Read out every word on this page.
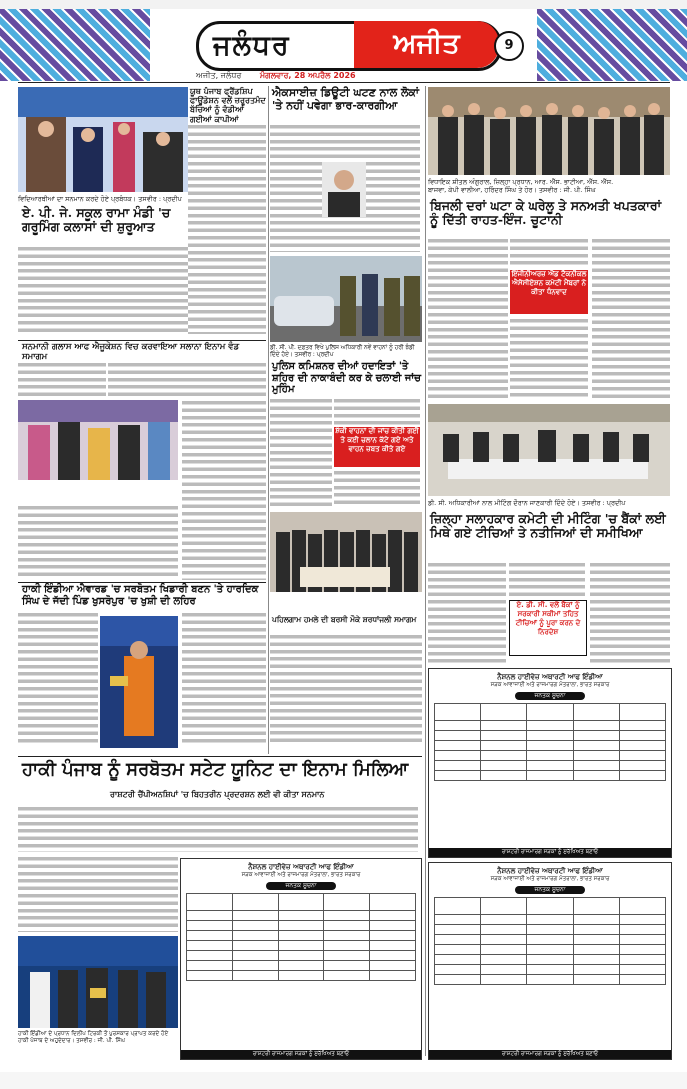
ਜਲੰਧਰ	ਅਜੀਤ	9
ਅਜੀਤ, ਜਲੰਧਰ ਮੰਗਲਵਾਰ, 28 ਅਪਰੈਲ 2026
ਵਿਦਿਆਰਥੀਆਂ ਦਾ ਸਨਮਾਨ ਕਰਦੇ ਹੋਏ ਪ੍ਰਬੰਧਕ। ਤਸਵੀਰ : ਪ੍ਰਦੀਪ
ਏ. ਪੀ. ਜੇ. ਸਕੂਲ ਰਾਮਾ ਮੰਡੀ 'ਚ ਗਰੂਮਿੰਗ ਕਲਾਸਾਂ ਦੀ ਸ਼ੁਰੂਆਤ
ਯੂਥ ਪੰਜਾਬ ਫ੍ਰੈਂਡਸ਼ਿਪ ਫਾਊਂਡੇਸ਼ਨ ਵਲੋਂ ਜ਼ਰੂਰਤਮੰਦ ਬੱਚਿਆਂ ਨੂੰ ਵੰਡੀਆਂ ਗਈਆਂ ਕਾਪੀਆਂ
ਐਕਸਾਈਜ਼ ਡਿਊਟੀ ਘਟਣ ਨਾਲ ਲੋਕਾਂ 'ਤੇ ਨਹੀਂ ਪਵੇਗਾ ਭਾਰ-ਕਾਰਗੀਆ
ਵਿਧਾਇਕ ਸ਼ੀਤਲ ਅੰਗੁਰਾਲ, ਜ਼ਿਲ੍ਹਾ ਪ੍ਰਧਾਨ, ਆਰ. ਐੱਸ. ਭਾਟੀਆ, ਐੱਸ. ਐੱਸ.
ਬਾਜਵਾ, ਕੇਪੀ ਵਾਲੀਆ, ਹਰਿੰਦਰ ਸਿੰਘ ਤੇ ਹੋਰ। ਤਸਵੀਰ : ਜੀ. ਪੀ. ਸਿੰਘ
ਬਿਜਲੀ ਦਰਾਂ ਘਟਾ ਕੇ ਘਰੇਲੂ ਤੇ ਸਨਅਤੀ ਖਪਤਕਾਰਾਂ ਨੂੰ ਦਿੱਤੀ ਰਾਹਤ-ਇੰਜ. ਚੂਟਾਨੀ
ਇੰਜੀਨੀਅਰਜ਼ ਐਂਡ ਟੈਕਨੀਕਲ ਐਸੋਸੀਏਸ਼ਨ ਕਮੇਟੀ ਮੈਂਬਰਾਂ ਨੇ ਕੀਤਾ ਧੰਨਵਾਦ
ਸਨਮਾਨੀ ਗਲਾਸ ਆਫ ਐਜੂਕੇਸ਼ਨ ਵਿਚ ਕਰਵਾਇਆ ਸਲਾਨਾ ਇਨਾਮ ਵੰਡ ਸਮਾਗਮ
ਡੀ. ਸੀ. ਪੀ. ਦਫ਼ਤਰ ਵਿਖੇ ਪੁਲਿਸ ਅਧਿਕਾਰੀ ਨਵੇਂ ਵਾਹਨਾਂ ਨੂੰ ਹਰੀ ਝੰਡੀ ਦਿੰਦੇ ਹੋਏ। ਤਸਵੀਰ : ਪ੍ਰਦੀਪ
ਪੁਲਿਸ ਕਮਿਸ਼ਨਰ ਦੀਆਂ ਹਦਾਇਤਾਂ 'ਤੇ ਸ਼ਹਿਰ ਦੀ ਨਾਕਾਬੰਦੀ ਕਰ ਕੇ ਚਲਾਈ ਜਾਂਚ ਮੁਹਿੰਮ
ਸ਼ੱਕੀ ਵਾਹਨਾਂ ਦੀ ਜਾਂਚ ਕੀਤੀ ਗਈ ਤੇ ਕਈ ਚਲਾਨ ਕੱਟੇ ਗਏ ਅਤੇ ਵਾਹਨ ਜ਼ਬਤ ਕੀਤੇ ਗਏ
ਡੀ. ਸੀ. ਅਧਿਕਾਰੀਆਂ ਨਾਲ ਮੀਟਿੰਗ ਦੌਰਾਨ ਜਾਣਕਾਰੀ ਦਿੰਦੇ ਹੋਏ। ਤਸਵੀਰ : ਪ੍ਰਦੀਪ
ਜ਼ਿਲ੍ਹਾ ਸਲਾਹਕਾਰ ਕਮੇਟੀ ਦੀ ਮੀਟਿੰਗ 'ਚ ਬੈਂਕਾਂ ਲਈ ਮਿਥੇ ਗਏ ਟੀਚਿਆਂ ਤੇ ਨਤੀਜਿਆਂ ਦੀ ਸਮੀਖਿਆ
ਏ. ਡੀ. ਸੀ. ਵਲੋਂ ਬੈਂਕਾਂ ਨੂੰ ਸਰਕਾਰੀ ਸਕੀਮਾਂ ਤਹਿਤ ਟੀਚਿਆਂ ਨੂੰ ਪੂਰਾ ਕਰਨ ਦੇ ਨਿਰਦੇਸ਼
ਹਾਕੀ ਇੰਡੀਆ ਐਵਾਰਡ 'ਚ ਸਰਬੋਤਮ ਖਿਡਾਰੀ ਬਣਨ 'ਤੇ ਹਾਰਦਿਕ ਸਿੰਘ ਦੇ ਜੱਦੀ ਪਿੰਡ ਖੁਸਰੋਪੁਰ 'ਚ ਖੁਸ਼ੀ ਦੀ ਲਹਿਰ
ਪਹਿਲਗਾਮ ਹਮਲੇ ਦੀ ਬਰਸੀ ਮੌਕੇ ਸ਼ਰਧਾਂਜਲੀ ਸਮਾਗਮ
ਨੈਸ਼ਨਲ ਹਾਈਵੇਜ਼ ਅਥਾਰਟੀ ਆਫ ਇੰਡੀਆ
ਸੜਕ ਆਵਾਜਾਈ ਅਤੇ ਰਾਜਮਾਰਗ ਮੰਤਰਾਲਾ, ਭਾਰਤ ਸਰਕਾਰ
ਜਨਤਕ ਸੂਚਨਾ

ਰਾਸ਼ਟਰੀ ਰਾਜਮਾਰਗ ਸੜਕਾਂ ਨੂੰ ਸੁਰੱਖਿਅਤ ਬਣਾਓ
ਹਾਕੀ ਪੰਜਾਬ ਨੂੰ ਸਰਬੋਤਮ ਸਟੇਟ ਯੂਨਿਟ ਦਾ ਇਨਾਮ ਮਿਲਿਆ
ਰਾਸ਼ਟਰੀ ਚੈਂਪੀਅਨਸ਼ਿਪਾਂ 'ਚ ਬਿਹਤਰੀਨ ਪ੍ਰਦਰਸ਼ਨ ਲਈ ਵੀ ਕੀਤਾ ਸਨਮਾਨ
ਹਾਕੀ ਇੰਡੀਆ ਦੇ ਪ੍ਰਧਾਨ ਦਿਲੀਪ ਟਿਰਕੀ ਤੋਂ ਪੁਰਸਕਾਰ ਪ੍ਰਾਪਤ ਕਰਦੇ ਹੋਏ ਹਾਕੀ ਪੰਜਾਬ ਦੇ ਅਹੁਦੇਦਾਰ। ਤਸਵੀਰ : ਜੀ. ਪੀ. ਸਿੰਘ
ਨੈਸ਼ਨਲ ਹਾਈਵੇਜ਼ ਅਥਾਰਟੀ ਆਫ ਇੰਡੀਆ
ਸੜਕ ਆਵਾਜਾਈ ਅਤੇ ਰਾਜਮਾਰਗ ਮੰਤਰਾਲਾ, ਭਾਰਤ ਸਰਕਾਰ
ਜਨਤਕ ਸੂਚਨਾ

ਰਾਸ਼ਟਰੀ ਰਾਜਮਾਰਗ ਸੜਕਾਂ ਨੂੰ ਸੁਰੱਖਿਅਤ ਬਣਾਓ
ਨੈਸ਼ਨਲ ਹਾਈਵੇਜ਼ ਅਥਾਰਟੀ ਆਫ ਇੰਡੀਆ
ਸੜਕ ਆਵਾਜਾਈ ਅਤੇ ਰਾਜਮਾਰਗ ਮੰਤਰਾਲਾ, ਭਾਰਤ ਸਰਕਾਰ
ਜਨਤਕ ਸੂਚਨਾ

ਰਾਸ਼ਟਰੀ ਰਾਜਮਾਰਗ ਸੜਕਾਂ ਨੂੰ ਸੁਰੱਖਿਅਤ ਬਣਾਓ
